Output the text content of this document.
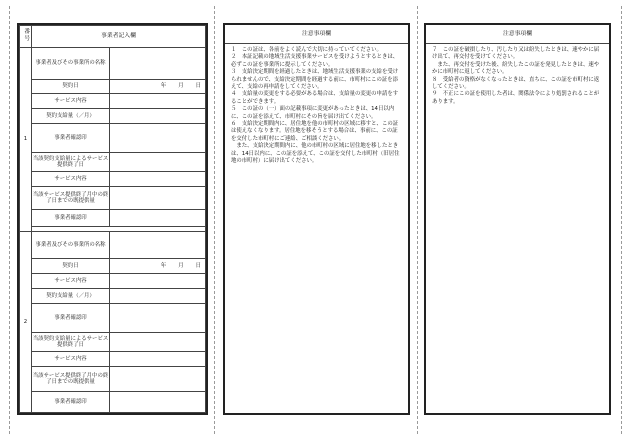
番号	事業者記入欄	
1	事業者及びその事業所の名称	
	契約日	年 月 日

	サービス内容	
	契約支給量（／月）	
	事業者確認印	
	当該契約支給量によるサービス提供終了日	
	サービス内容	
	当該サービス提供終了月中の終了日までの既提供量	
	事業者確認印	

2	事業者及びその事業所の名称	
	契約日	年 月 日

	サービス内容	
	契約支給量（／月）	
	事業者確認印	
	当該契約支給量によるサービス提供終了日	
	サービス内容	
	当該サービス提供終了月中の終了日までの既提供量	
	事業者確認印	
注意事項欄

１　この証は、各前をよく読んで大切に持っていてください。

２　本証記載の地域生活支援事業サービスを受けようとするときは、必ずこの証を事業所に提示してください。

３　支給決定期間を経過したときは、地域生活支援事業の支給を受けられませんので、支給決定期間を経過する前に、市町村にこの証を添えて、支給の再申請をしてください。

４　支給量の変更をする必要がある場合は、支給量の変更の申請をすることができます。

５　この証の（一）面の記載事項に変更があったときは、14日以内に、この証を添えて、市町村にその旨を届け出てください。

６　支給決定期間内に、居住地を他の市町村の区域に移すと、この証は使えなくなります。居住地を移そうとする場合は、事前に、この証を交付した市町村にご連絡、ご相談ください。

　また、支給決定期間内に、他の市町村の区域に居住地を移したときは、14日以内に、この証を添えて、この証を交付した市町村（旧居住地の市町村）に届け出てください。

注意事項欄

７　この証を破損したり、汚したり又は紛失したときは、速やかに届け出て、再交付を受けてください。

　また、再交付を受けた後、紛失したこの証を発見したときは、速やかに市町村に返してください。

８　受給者の資格がなくなったときは、直ちに、この証を市町村に返してください。

９　不正にこの証を使用した者は、関係法令により処罰されることがあります。
